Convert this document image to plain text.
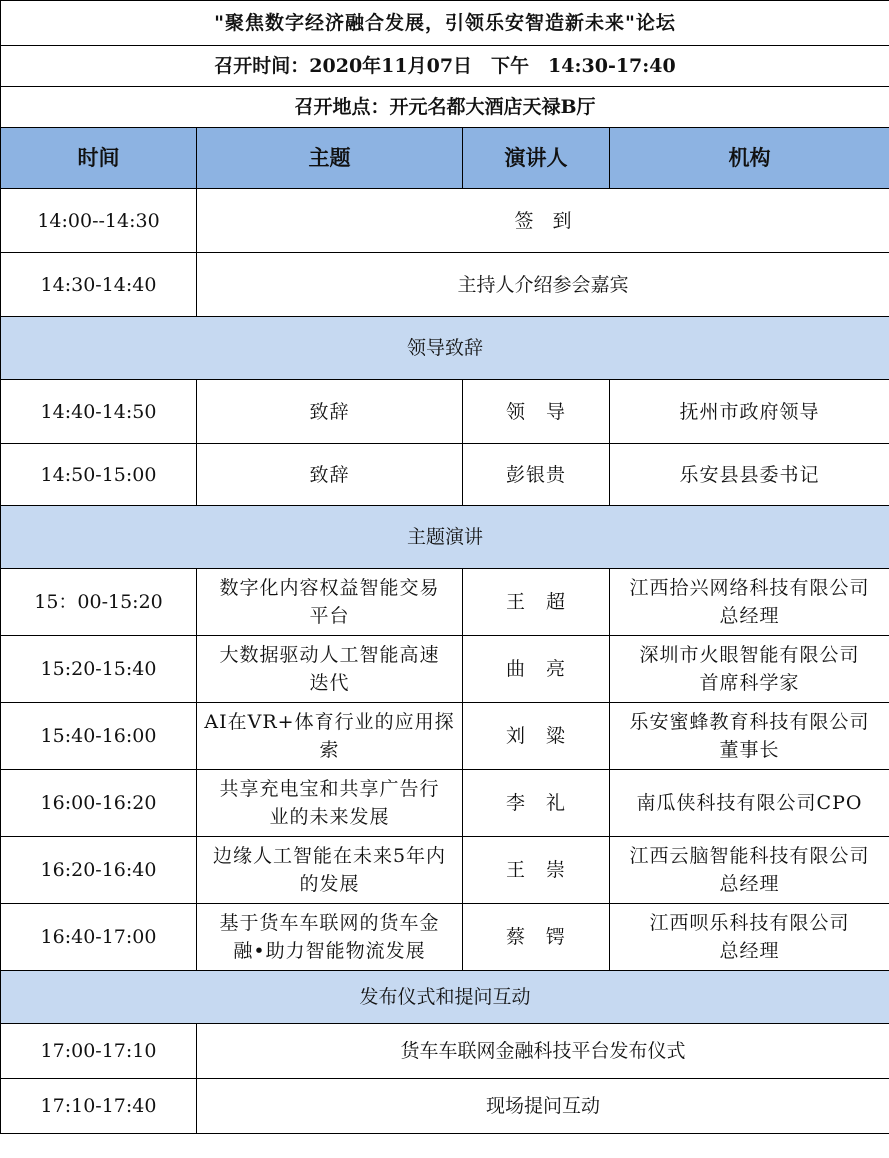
"聚焦数字经济融合发展，引领乐安智造新未来"论坛			
召开时间：2020年11月07日　下午　14:30-17:40			
召开地点：开元名都大酒店天禄B厅			
时间	主题	演讲人	机构
14:00--14:30	签　到		
14:30-14:40	主持人介绍参会嘉宾		
领导致辞			
14:40-14:50	致辞	领　导	抚州市政府领导

14:50-15:00	致辞	彭银贵	乐安县县委书记

主题演讲			
15：00-15:20	数字化内容权益智能交易
平台	王　超	江西拾兴网络科技有限公司
总经理

15:20-15:40	大数据驱动人工智能高速
迭代	曲　亮	深圳市火眼智能有限公司
首席科学家

15:40-16:00	AI在VR+体育行业的应用探
索	刘　粱	乐安蜜蜂教育科技有限公司
董事长

16:00-16:20	共享充电宝和共享广告行
业的未来发展	李　礼	南瓜侠科技有限公司CPO

16:20-16:40	边缘人工智能在未来5年内
的发展	王　崇	江西云脑智能科技有限公司
总经理

16:40-17:00	基于货车车联网的货车金
融•助力智能物流发展	蔡　锷	江西呗乐科技有限公司
总经理

发布仪式和提问互动			
17:00-17:10	货车车联网金融科技平台发布仪式		
17:10-17:40	现场提问互动		
